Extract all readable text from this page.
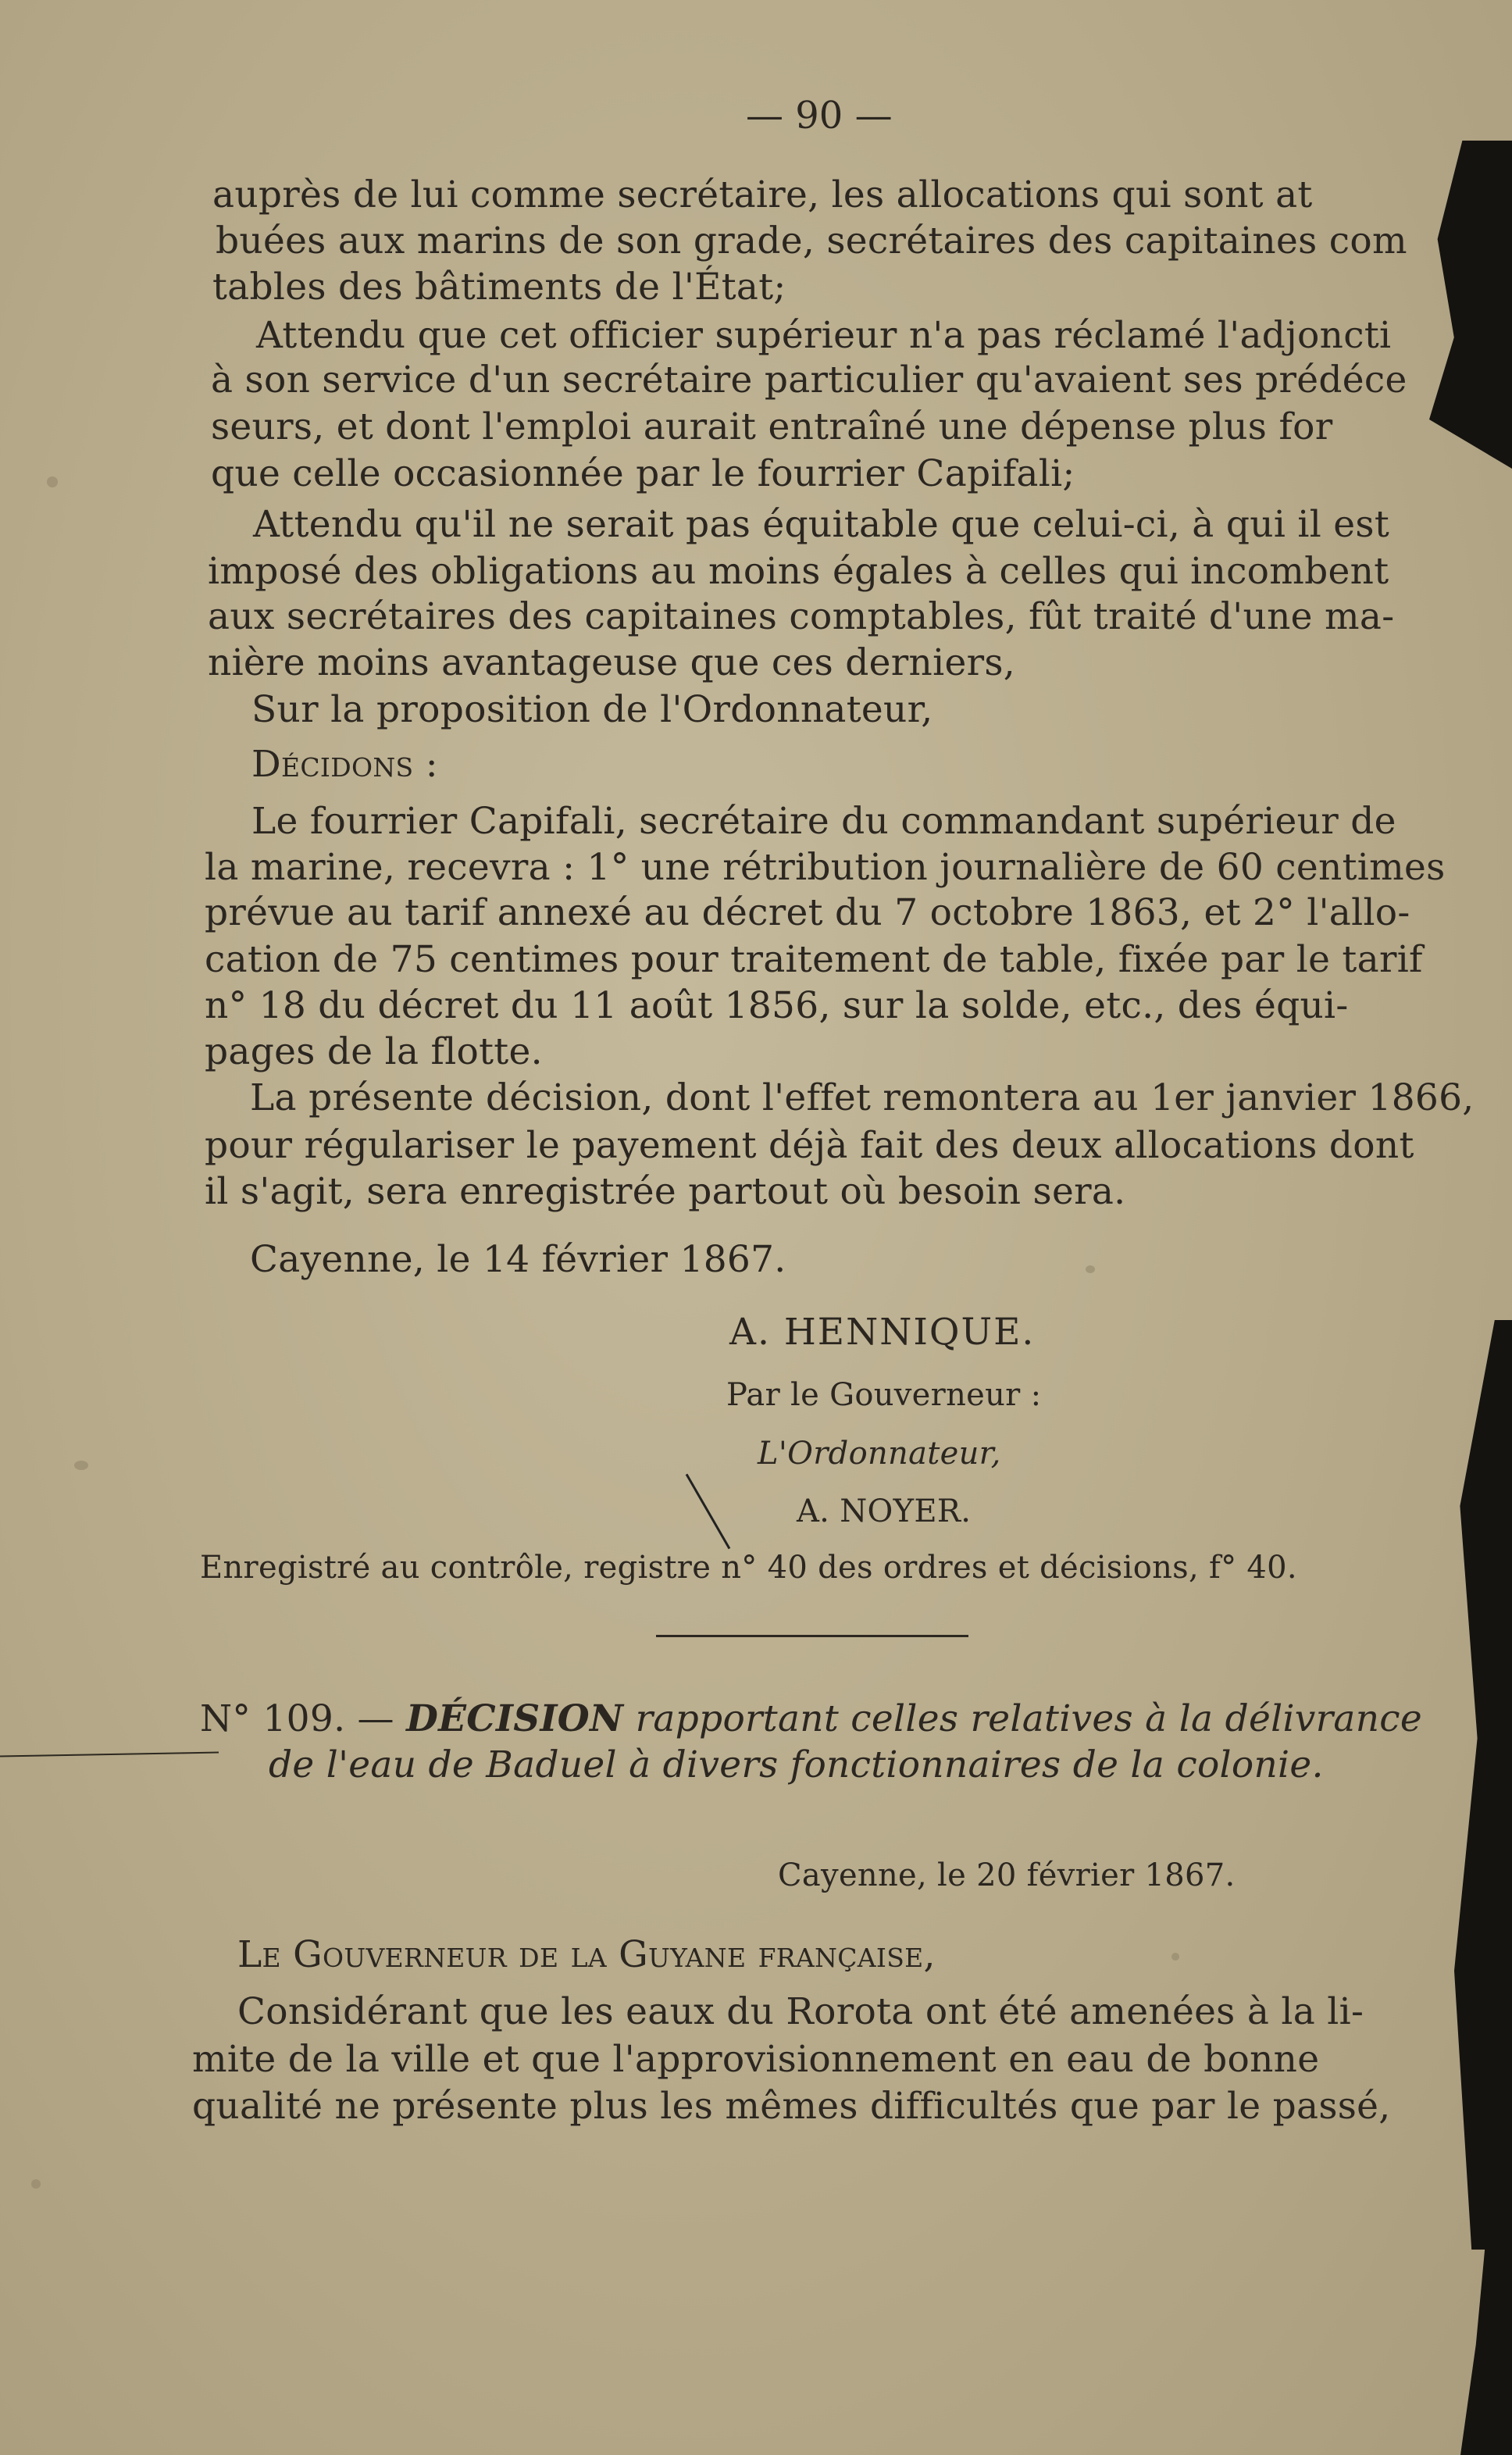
— 90 —
auprès de lui comme secrétaire, les allocations qui sont at
buées aux marins de son grade, secrétaires des capitaines com
tables des bâtiments de l'État;
Attendu que cet officier supérieur n'a pas réclamé l'adjoncti
à son service d'un secrétaire particulier qu'avaient ses prédéce
seurs, et dont l'emploi aurait entraîné une dépense plus for
que celle occasionnée par le fourrier Capifali;
Attendu qu'il ne serait pas équitable que celui-ci, à qui il est
imposé des obligations au moins égales à celles qui incombent
aux secrétaires des capitaines comptables, fût traité d'une ma-
nière moins avantageuse que ces derniers,
Sur la proposition de l'Ordonnateur,
Décidons :
Le fourrier Capifali, secrétaire du commandant supérieur de
la marine, recevra : 1° une rétribution journalière de 60 centimes
prévue au tarif annexé au décret du 7 octobre 1863, et 2° l'allo-
cation de 75 centimes pour traitement de table, fixée par le tarif
n° 18 du décret du 11 août 1856, sur la solde, etc., des équi-
pages de la flotte.
La présente décision, dont l'effet remontera au 1er janvier 1866,
pour régulariser le payement déjà fait des deux allocations dont
il s'agit, sera enregistrée partout où besoin sera.
Cayenne, le 14 février 1867.
A. HENNIQUE.
Par le Gouverneur :
L'Ordonnateur,
A. NOYER.
Enregistré au contrôle, registre n° 40 des ordres et décisions, f° 40.
N° 109. — DÉCISION rapportant celles relatives à la délivrance
de l'eau de Baduel à divers fonctionnaires de la colonie.
Cayenne, le 20 février 1867.
Le Gouverneur de la Guyane française,
Considérant que les eaux du Rorota ont été amenées à la li-
mite de la ville et que l'approvisionnement en eau de bonne
qualité ne présente plus les mêmes difficultés que par le passé,
